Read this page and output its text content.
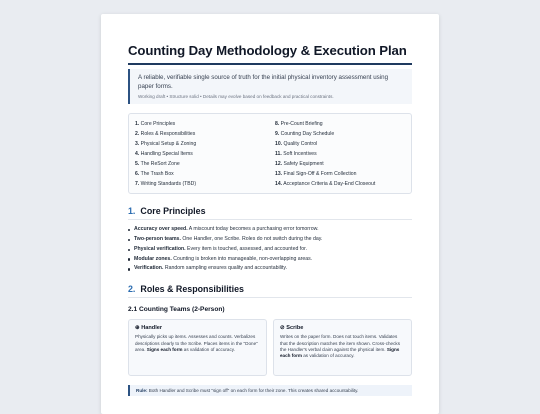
Counting Day Methodology & Execution Plan

A reliable, verifiable single source of truth for the initial physical inventory assessment using paper forms.

Working draft • Structure solid • Details may evolve based on feedback and practical constraints.

1. Core Principles
2. Roles & Responsibilities
3. Physical Setup & Zoning
4. Handling Special Items
5. The ReSort Zone
6. The Trash Box
7. Writing Standards (TBD)
8. Pre-Count Briefing
9. Counting Day Schedule
10. Quality Control
11. Soft Incentives
12. Safety Equipment
13. Final Sign-Off & Form Collection
14. Acceptance Criteria & Day-End Closeout
1. Core Principles
Accuracy over speed. A miscount today becomes a purchasing error tomorrow.
Two-person teams. One Handler, one Scribe. Roles do not switch during the day.
Physical verification. Every item is touched, assessed, and accounted for.
Modular zones. Counting is broken into manageable, non-overlapping areas.
Verification. Random sampling ensures quality and accountability.
2. Roles & Responsibilities
2.1 Counting Teams (2-Person)
⊕ Handler

Physically picks up items. Assesses and counts. Verbalizes descriptions clearly to the Scribe. Places items in the "Done" area. Signs each form as validation of accuracy.

⊘ Scribe

Writes on the paper form. Does not touch items. Validates that the description matches the item shown. Cross-checks the Handler's verbal claim against the physical item. Signs each form as validation of accuracy.

Rule: Both Handler and Scribe must "sign off" on each form for their zone. This creates shared accountability.
